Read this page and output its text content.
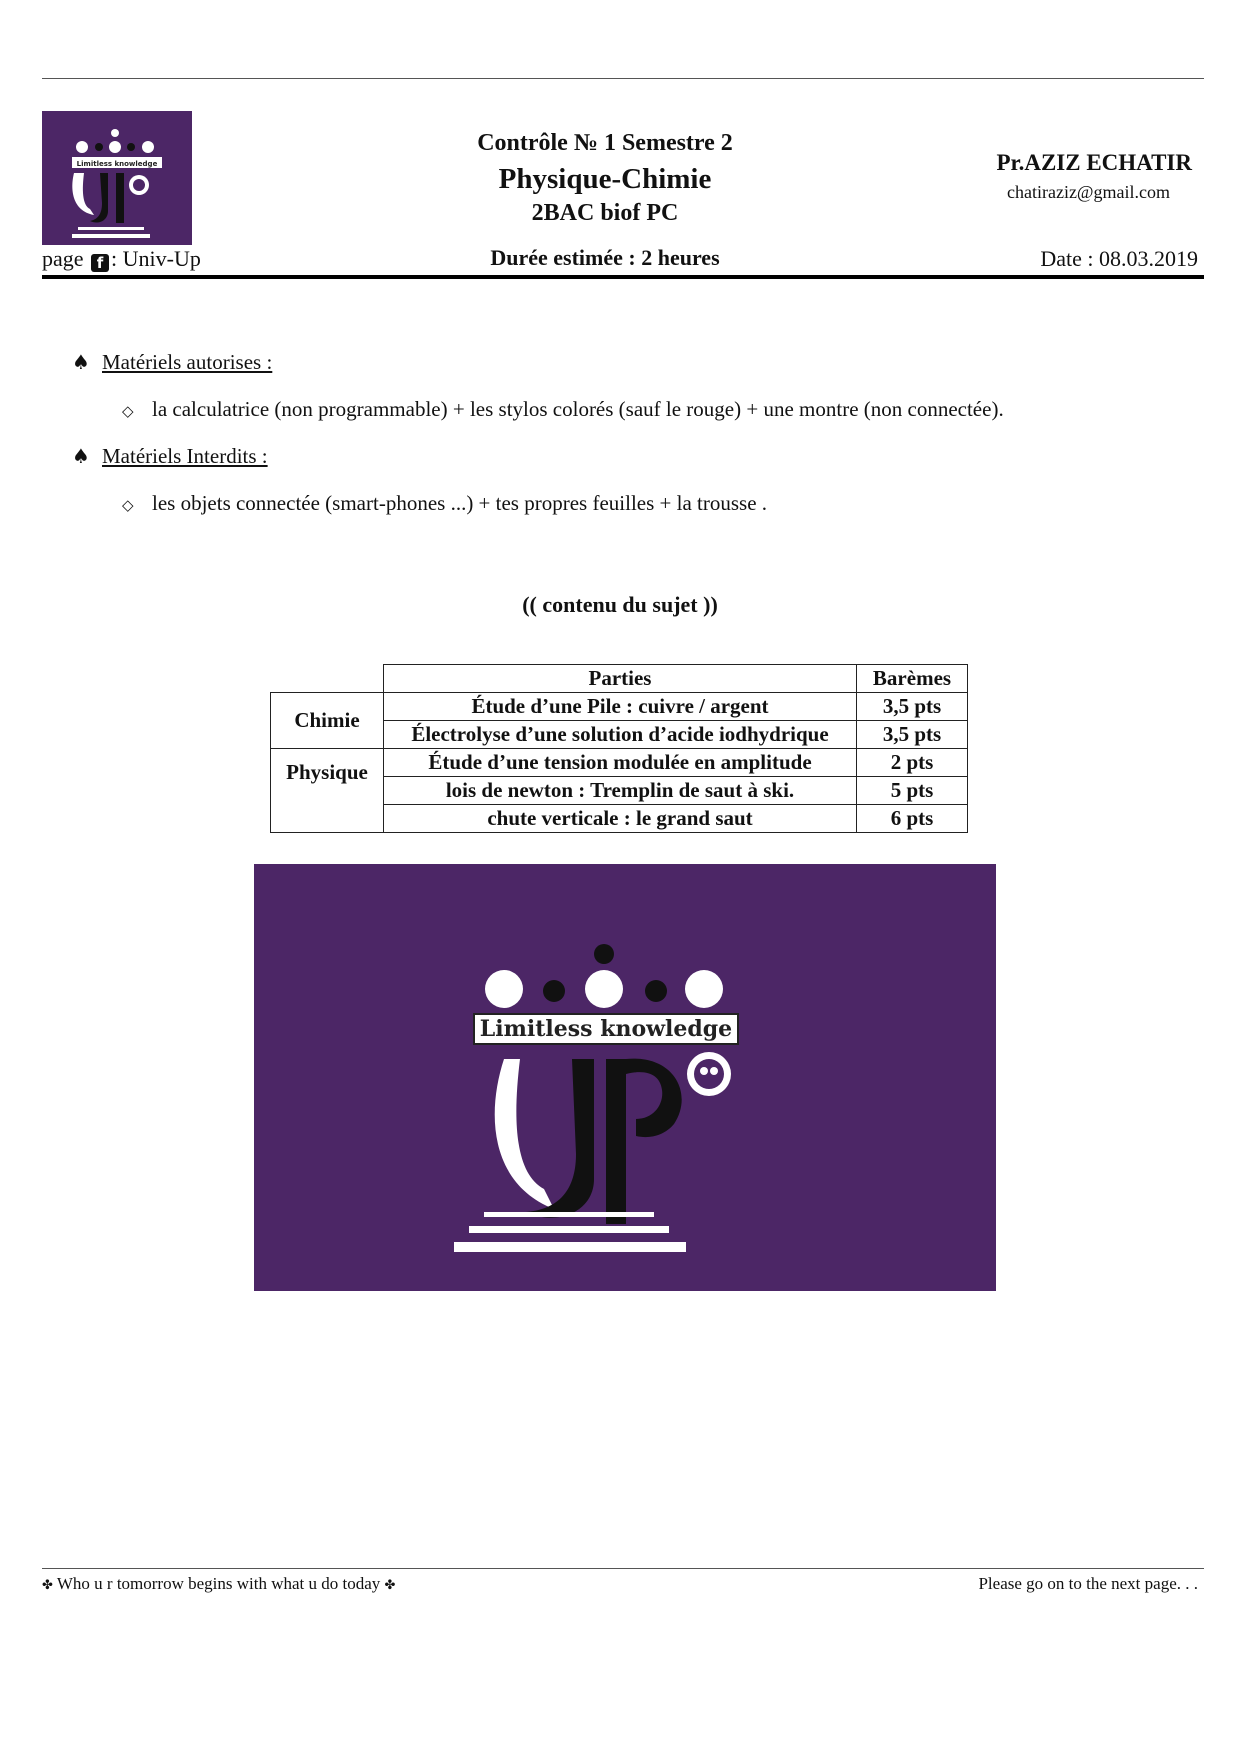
Limitless knowledge
page f : Univ-Up
Contrôle № 1 Semestre 2
Physique-Chimie
2BAC biof PC
Durée estimée : 2 heures
Pr.AZIZ ECHATIR
chatiraziz@gmail.com
Date : 08.03.2019
♠ Matériels autorises :
◇ la calculatrice (non programmable) + les stylos colorés (sauf le rouge) + une montre (non connectée).
♠ Matériels Interdits :
◇ les objets connectée (smart-phones ...) + tes propres feuilles + la trousse .
(( contenu du sujet ))
	Parties	Barèmes
Chimie	Étude d’une Pile : cuivre / argent	3,5 pts
	Électrolyse d’une solution d’acide iodhydrique	3,5 pts
Physique	Étude d’une tension modulée en amplitude	2 pts
	lois de newton : Tremplin de saut à ski.	5 pts
	chute verticale : le grand saut	6 pts
Limitless knowledge
✤ Who u r tomorrow begins with what u do today ✤	Please go on to the next page. . .
